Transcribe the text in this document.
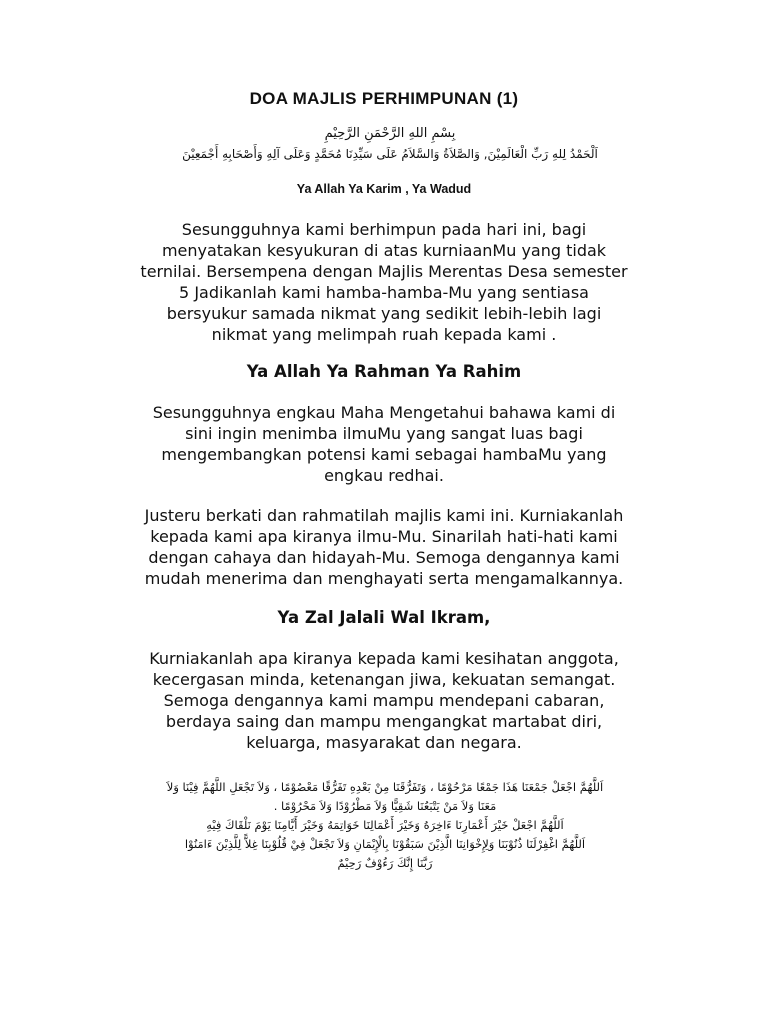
DOA MAJLIS PERHIMPUNAN (1)
بِسْمِ اللهِ الرَّحْمَنِ الرَّحِيْمِ
اَلْحَمْدُ لِلهِ رَبِّ الْعَالَمِيْنَ, وَالصَّلاَةُ وَالسَّلاَمُ عَلَى سَيِّدِنَا مُحَمَّدٍ وَعَلَى آلِهِ وَأَصْحَابِهِ أَجْمَعِيْنَ
Ya Allah Ya Karim , Ya Wadud
Sesungguhnya kami berhimpun pada hari ini, bagi
menyatakan kesyukuran di atas kurniaanMu yang tidak
ternilai. Bersempena dengan Majlis Merentas Desa semester
5 Jadikanlah kami hamba-hamba-Mu yang sentiasa
bersyukur samada nikmat yang sedikit lebih-lebih lagi
nikmat yang melimpah ruah kepada kami .
Ya Allah Ya Rahman Ya Rahim
Sesungguhnya engkau Maha Mengetahui bahawa kami di
sini ingin menimba ilmuMu yang sangat luas bagi
mengembangkan potensi kami sebagai hambaMu yang
engkau redhai.
Justeru berkati dan rahmatilah majlis kami ini. Kurniakanlah
kepada kami apa kiranya ilmu-Mu. Sinarilah hati-hati kami
dengan cahaya dan hidayah-Mu. Semoga dengannya kami
mudah menerima dan menghayati serta mengamalkannya.
Ya Zal Jalali Wal Ikram,
Kurniakanlah apa kiranya kepada kami kesihatan anggota,
kecergasan minda, ketenangan jiwa, kekuatan semangat.
Semoga dengannya kami mampu mendepani cabaran,
berdaya saing dan mampu mengangkat martabat diri,
keluarga, masyarakat dan negara.
اَللَّهُمَّ اجْعَلْ جَمْعَنَا هَذَا جَمْعًا مَرْحُوْمًا ، وَتَفَرُّقَنَا مِنْ بَعْدِهِ تَفَرُّقًا مَعْصُوْمًا ، وَلاَ تَجْعَلِ اللَّهُمَّ فِيْنَا وَلاَ
مَعَنَا وَلاَ مَنْ يَتْبَعُنَا شَقِيًّا وَلاَ مَطْرُوْدًا وَلاَ مَحْرُوْمًا .
اَللَّهُمَّ اجْعَلْ خَيْرَ أَعْمَارِنَا ءَاخِرَهُ وَخَيْرَ أَعْمَالِنَا خَوَاتِمَهُ وَخَيْرَ أَيَّامِنَا يَوْمَ نَلْقَاكَ فِيْهِ
اَللَّهُمَّ اغْفِرْلَنَا ذُنُوْبَنَا وَلِإِخْوَانِنَا الَّذِيْنَ سَبَقُوْنَا بِالْإِيْمَانِ وَلاَ تَجْعَلْ فِيْ قُلُوْبِنَا غِلاًّ لِلَّذِيْنَ ءَامَنُوْا
رَبَّنَا إِنَّكَ رَءُوْفٌ رَحِيْمٌ
